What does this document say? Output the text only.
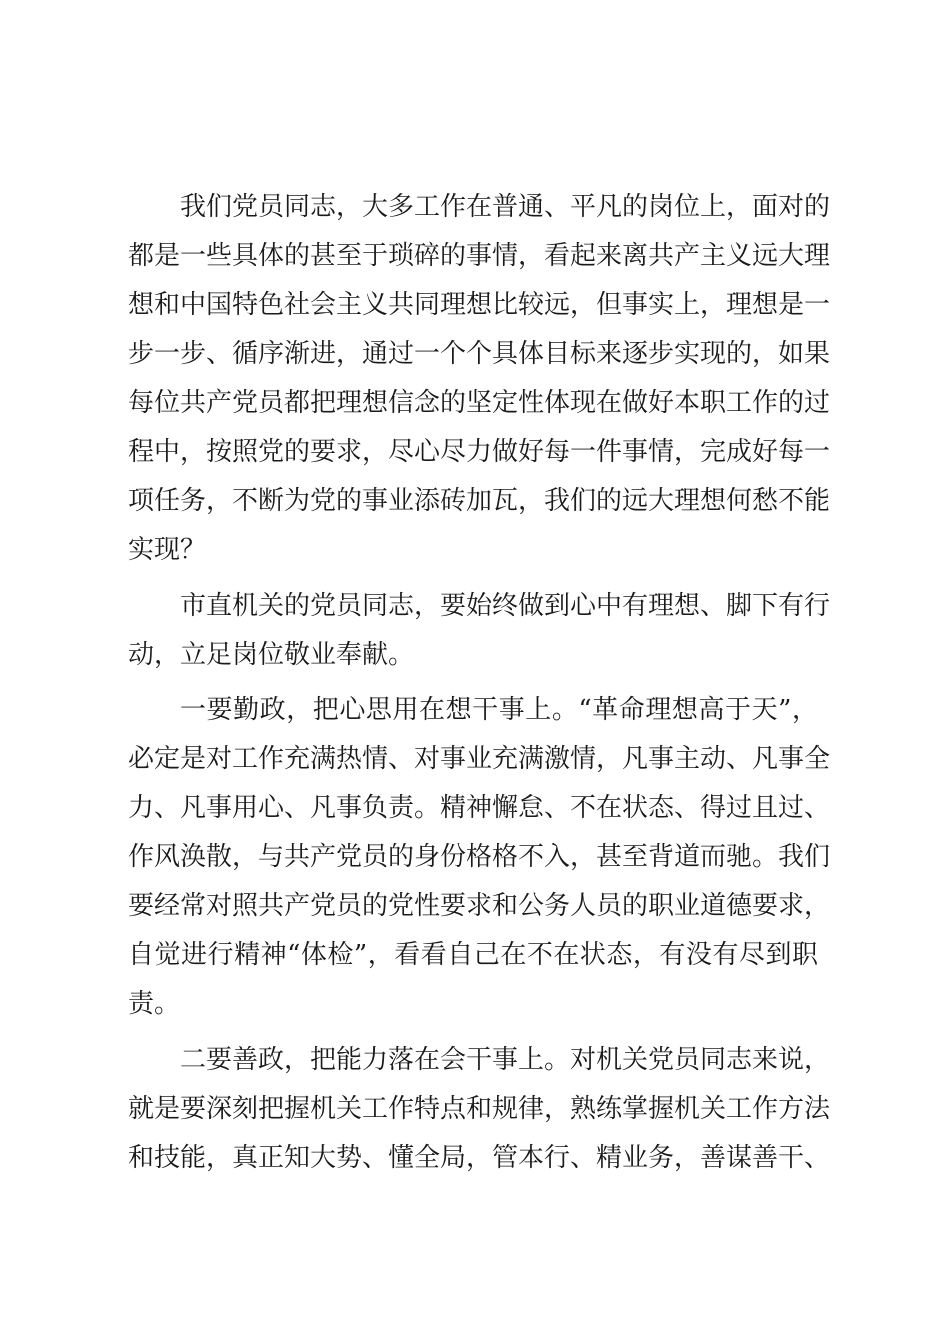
我们党员同志，大多工作在普通、平凡的岗位上，面对的
都是一些具体的甚至于琐碎的事情，看起来离共产主义远大理
想和中国特色社会主义共同理想比较远，但事实上，理想是一
步一步、循序渐进，通过一个个具体目标来逐步实现的，如果
每位共产党员都把理想信念的坚定性体现在做好本职工作的过
程中，按照党的要求，尽心尽力做好每一件事情，完成好每一
项任务，不断为党的事业添砖加瓦，我们的远大理想何愁不能
实现？
市直机关的党员同志，要始终做到心中有理想、脚下有行
动，立足岗位敬业奉献。
一要勤政，把心思用在想干事上。“革命理想高于天”，
必定是对工作充满热情、对事业充满激情，凡事主动、凡事全
力、凡事用心、凡事负责。精神懈怠、不在状态、得过且过、
作风涣散，与共产党员的身份格格不入，甚至背道而驰。我们
要经常对照共产党员的党性要求和公务人员的职业道德要求，
自觉进行精神“体检”，看看自己在不在状态，有没有尽到职
责。
二要善政，把能力落在会干事上。对机关党员同志来说，
就是要深刻把握机关工作特点和规律，熟练掌握机关工作方法
和技能，真正知大势、懂全局，管本行、精业务，善谋善干、
